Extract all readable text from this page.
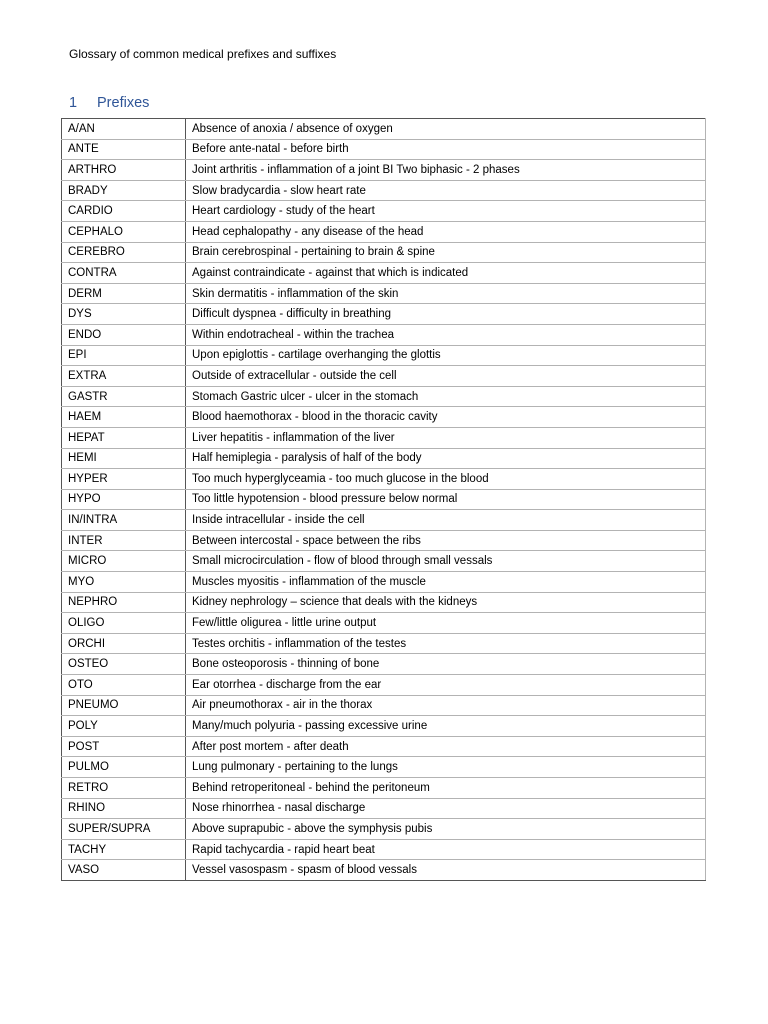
Glossary of common medical prefixes and suffixes
1 Prefixes
A/AN	Absence of anoxia / absence of oxygen
ANTE	Before ante-natal - before birth
ARTHRO	Joint arthritis - inflammation of a joint BI Two biphasic - 2 phases
BRADY	Slow bradycardia - slow heart rate
CARDIO	Heart cardiology - study of the heart
CEPHALO	Head cephalopathy - any disease of the head
CEREBRO	Brain cerebrospinal - pertaining to brain & spine
CONTRA	Against contraindicate - against that which is indicated
DERM	Skin dermatitis - inflammation of the skin
DYS	Difficult dyspnea - difficulty in breathing
ENDO	Within endotracheal - within the trachea
EPI	Upon epiglottis - cartilage overhanging the glottis
EXTRA	Outside of extracellular - outside the cell
GASTR	Stomach Gastric ulcer - ulcer in the stomach
HAEM	Blood haemothorax - blood in the thoracic cavity
HEPAT	Liver hepatitis - inflammation of the liver
HEMI	Half hemiplegia - paralysis of half of the body
HYPER	Too much hyperglyceamia - too much glucose in the blood
HYPO	Too little hypotension - blood pressure below normal
IN/INTRA	Inside intracellular - inside the cell
INTER	Between intercostal - space between the ribs
MICRO	Small microcirculation - flow of blood through small vessals
MYO	Muscles myositis - inflammation of the muscle
NEPHRO	Kidney nephrology – science that deals with the kidneys
OLIGO	Few/little oligurea - little urine output
ORCHI	Testes orchitis - inflammation of the testes
OSTEO	Bone osteoporosis - thinning of bone
OTO	Ear otorrhea - discharge from the ear
PNEUMO	Air pneumothorax - air in the thorax
POLY	Many/much polyuria - passing excessive urine
POST	After post mortem - after death
PULMO	Lung pulmonary - pertaining to the lungs
RETRO	Behind retroperitoneal - behind the peritoneum
RHINO	Nose rhinorrhea - nasal discharge
SUPER/SUPRA	Above suprapubic - above the symphysis pubis
TACHY	Rapid tachycardia - rapid heart beat
VASO	Vessel vasospasm - spasm of blood vessals
